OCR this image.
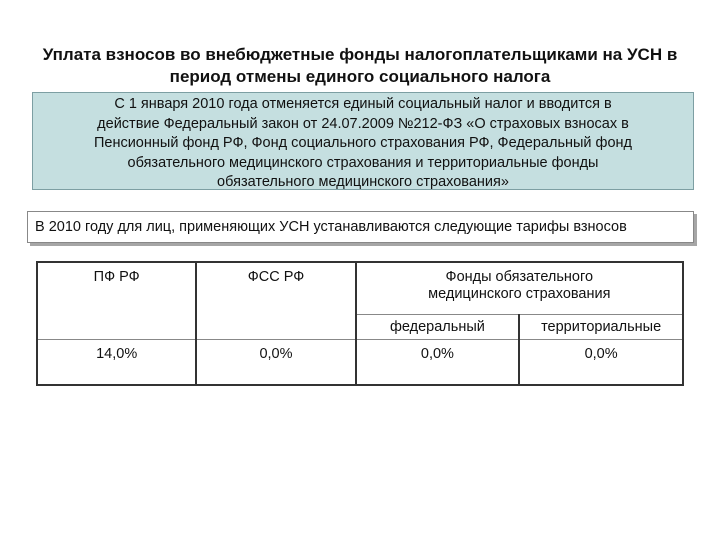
Уплата взносов во внебюджетные фонды налогоплательщиками на УСН в период отмены единого социального налога
С 1 января 2010 года отменяется единый социальный налог и вводится в
действие Федеральный закон от 24.07.2009 №212-ФЗ «О страховых взносах в
Пенсионный фонд РФ, Фонд социального страхования РФ, Федеральный фонд
обязательного медицинского страхования и территориальные фонды
обязательного медицинского страхования»
В 2010 году для лиц, применяющих УСН устанавливаются следующие тарифы взносов
ПФ РФ	ФСС РФ	Фонды обязательного медицинского страхования	
		федеральный	территориальные
14,0%	0,0%	0,0%	0,0%
